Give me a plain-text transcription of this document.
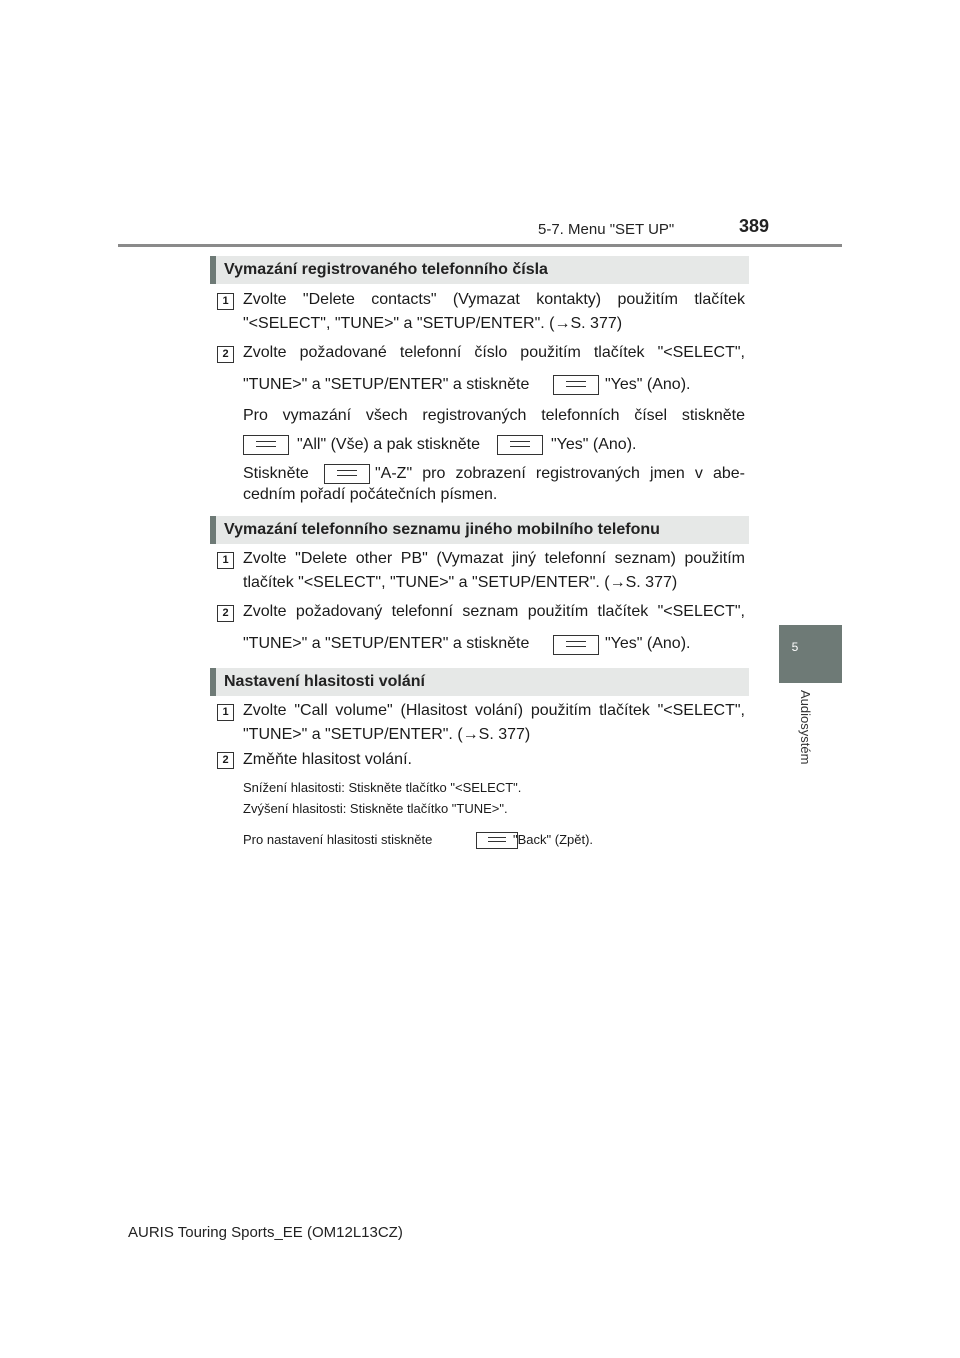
5-7. Menu "SET UP"	389
5
Audiosystém
Vymazání registrovaného telefonního čísla
1 Zvolte "Delete contacts" (Vymazat kontakty) použitím tlačítek
"<SELECT", "TUNE>" a "SETUP/ENTER". (→S. 377)
2 Zvolte požadované telefonní číslo použitím tlačítek "<SELECT",
"TUNE>" a "SETUP/ENTER" a stiskněte	"Yes" (Ano).
Pro vymazání všech registrovaných telefonních čísel stiskněte
"All" (Vše) a pak stiskněte	"Yes" (Ano).
Stiskněte	"A-Z" pro zobrazení registrovaných jmen v abe-
cedním pořadí počátečních písmen.
Vymazání telefonního seznamu jiného mobilního telefonu
1 Zvolte "Delete other PB" (Vymazat jiný telefonní seznam) použitím
tlačítek "<SELECT", "TUNE>" a "SETUP/ENTER". (→S. 377)
2 Zvolte požadovaný telefonní seznam použitím tlačítek "<SELECT",
"TUNE>" a "SETUP/ENTER" a stiskněte	"Yes" (Ano).
Nastavení hlasitosti volání
1 Zvolte "Call volume" (Hlasitost volání) použitím tlačítek "<SELECT",
"TUNE>" a "SETUP/ENTER". (→S. 377)
2 Změňte hlasitost volání.
Snížení hlasitosti: Stiskněte tlačítko "<SELECT".
Zvýšení hlasitosti: Stiskněte tlačítko "TUNE>".
Pro nastavení hlasitosti stiskněte	"Back" (Zpět).
AURIS Touring Sports_EE (OM12L13CZ)
